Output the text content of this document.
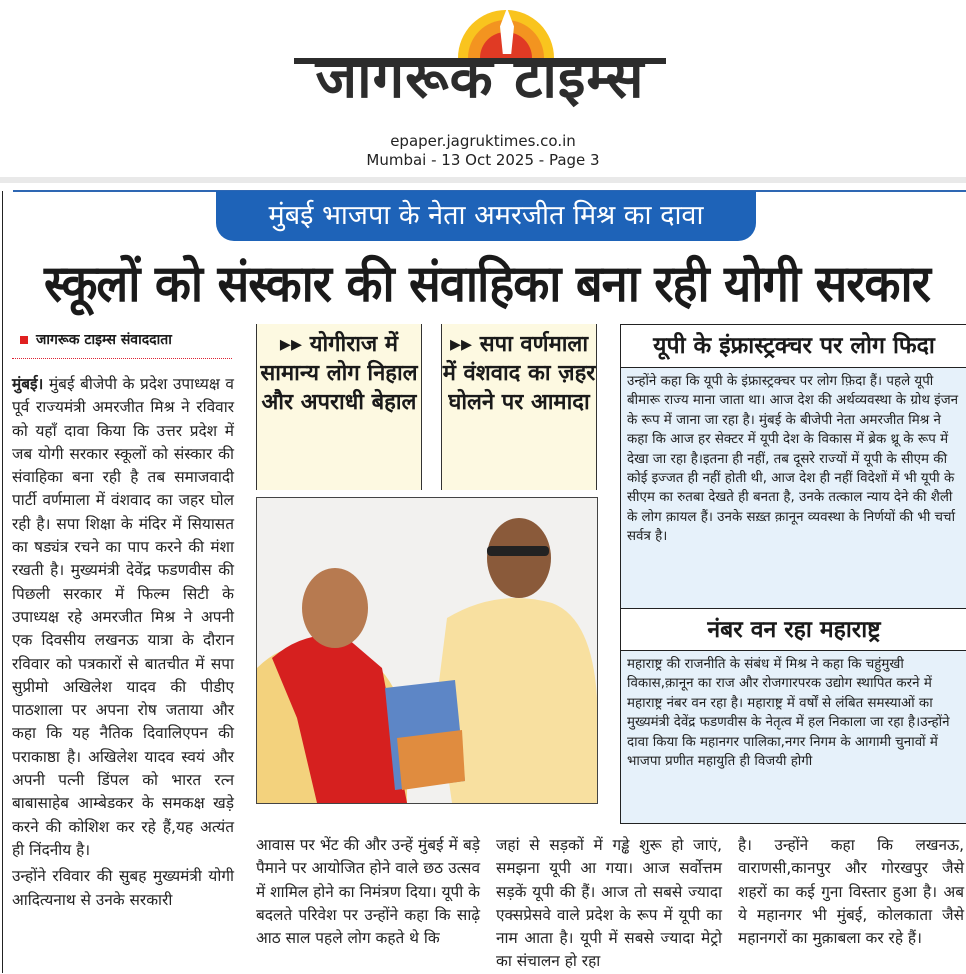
जागरूक टाइम्स
epaper.jagruktimes.co.in
Mumbai - 13 Oct 2025 - Page 3
मुंबई भाजपा के नेता अमरजीत मिश्र का दावा
स्कूलों को संस्कार की संवाहिका बना रही योगी सरकार
जागरूक टाइम्स संवाददाता

मुंबई। मुंबई बीजेपी के प्रदेश उपाध्यक्ष व पूर्व राज्यमंत्री अमरजीत मिश्र ने रविवार को यहाँ दावा किया कि उत्तर प्रदेश में जब योगी सरकार स्कूलों को संस्कार की संवाहिका बना रही है तब समाजवादी पार्टी वर्णमाला में वंशवाद का जहर घोल रही है। सपा शिक्षा के मंदिर में सियासत का षड्यंत्र रचने का पाप करने की मंशा रखती है। मुख्यमंत्री देवेंद्र फडणवीस की पिछली सरकार में फिल्म सिटी के उपाध्यक्ष रहे अमरजीत मिश्र ने अपनी एक दिवसीय लखनऊ यात्रा के दौरान रविवार को पत्रकारों से बातचीत में सपा सुप्रीमो अखिलेश यादव की पीडीए पाठशाला पर अपना रोष जताया और कहा कि यह नैतिक दिवालिएपन की पराकाष्ठा है। अखिलेश यादव स्वयं और अपनी पत्नी डिंपल को भारत रत्न बाबासाहेब आम्बेडकर के समकक्ष खड़े करने की कोशिश कर रहे हैं,यह अत्यंत ही निंदनीय है।

उन्होंने रविवार की सुबह मुख्यमंत्री योगी आदित्यनाथ से उनके सरकारी

▸▸ योगीराज में सामान्य लोग निहाल और अपराधी बेहाल
▸▸ सपा वर्णमाला में वंशवाद का ज़हर घोलने पर आमादा
आवास पर भेंट की और उन्हें मुंबई में बड़े पैमाने पर आयोजित होने वाले छठ उत्सव में शामिल होने का निमंत्रण दिया। यूपी के बदलते परिवेश पर उन्होंने कहा कि साढ़े आठ साल पहले लोग कहते थे कि
जहां से सड़कों में गड्ढे शुरू हो जाएं, समझना यूपी आ गया। आज सर्वोत्तम सड़कें यूपी की हैं। आज तो सबसे ज्यादा एक्सप्रेसवे वाले प्रदेश के रूप में यूपी का नाम आता है। यूपी में सबसे ज्यादा मेट्रो का संचालन हो रहा
है। उन्होंने कहा कि लखनऊ, वाराणसी,कानपुर और गोरखपुर जैसे शहरों का कई गुना विस्तार हुआ है। अब ये महानगर भी मुंबई, कोलकाता जैसे महानगरों का मुक़ाबला कर रहे हैं।
यूपी के इंफ्रास्ट्रक्चर पर लोग फिदा
उन्होंने कहा कि यूपी के इंफ्रास्ट्रक्चर पर लोग फ़िदा हैं। पहले यूपी बीमारू राज्य माना जाता था। आज देश की अर्थव्यवस्था के ग्रोथ इंजन के रूप में जाना जा रहा है। मुंबई के बीजेपी नेता अमरजीत मिश्र ने कहा कि आज हर सेक्टर में यूपी देश के विकास में ब्रेक थ्रू के रूप में देखा जा रहा है।इतना ही नहीं, तब दूसरे राज्यों में यूपी के सीएम की कोई इज्जत ही नहीं होती थी, आज देश ही नहीं विदेशों में भी यूपी के सीएम का रुतबा देखते ही बनता है, उनके तत्काल न्याय देने की शैली के लोग क़ायल हैं। उनके सख़्त क़ानून व्यवस्था के निर्णयों की भी चर्चा सर्वत्र है।
नंबर वन रहा महाराष्ट्र
महाराष्ट्र की राजनीति के संबंध में मिश्र ने कहा कि चहुंमुखी विकास,क़ानून का राज और रोजगारपरक उद्योग स्थापित करने में महाराष्ट्र नंबर वन रहा है। महाराष्ट्र में वर्षों से लंबित समस्याओं का मुख्यमंत्री देवेंद्र फडणवीस के नेतृत्व में हल निकाला जा रहा है।उन्होंने दावा किया कि महानगर पालिका,नगर निगम के आगामी चुनावों में भाजपा प्रणीत महायुति ही विजयी होगी
